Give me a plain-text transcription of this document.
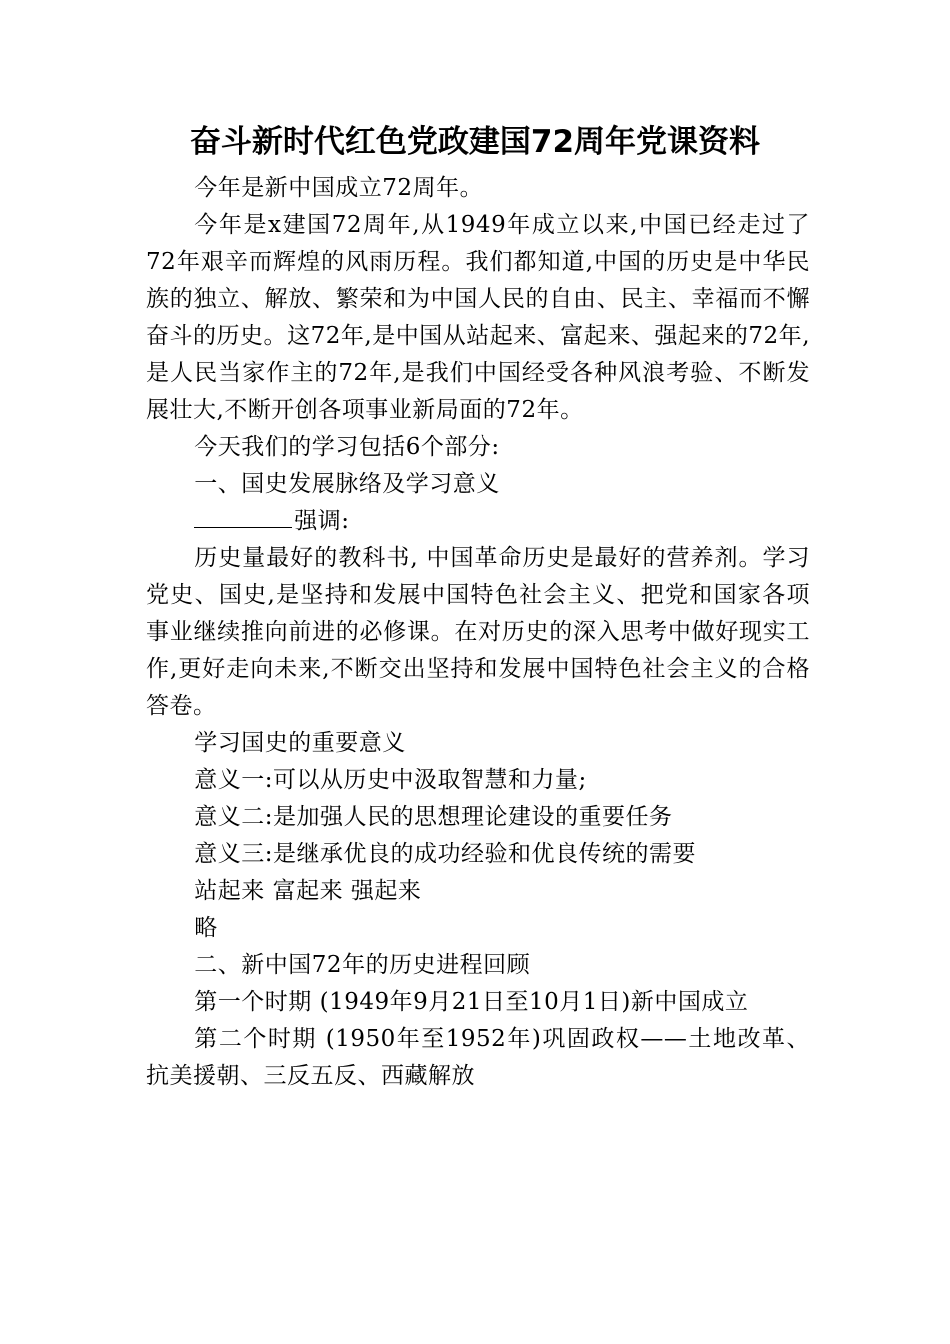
奋斗新时代红色党政建国72周年党课资料

今年是新中国成立72周年。

今年是x建国72周年,从1949年成立以来,中国已经走过了72年艰辛而辉煌的风雨历程。我们都知道,中国的历史是中华民族的独立、解放、繁荣和为中国人民的自由、民主、幸福而不懈奋斗的历史。这72年,是中国从站起来、富起来、强起来的72年,是人民当家作主的72年,是我们中国经受各种风浪考验、不断发展壮大,不断开创各项事业新局面的72年。

今天我们的学习包括6个部分:

一、国史发展脉络及学习意义

强调:

历史量最好的教科书, 中国革命历史是最好的营养剂。学习党史、国史,是坚持和发展中国特色社会主义、把党和国家各项事业继续推向前进的必修课。在对历史的深入思考中做好现实工作,更好走向未来,不断交出坚持和发展中国特色社会主义的合格答卷。

学习国史的重要意义

意义一:可以从历史中汲取智慧和力量;

意义二:是加强人民的思想理论建设的重要任务

意义三:是继承优良的成功经验和优良传统的需要

站起来 富起来 强起来

略

二、新中国72年的历史进程回顾

第一个时期 (1949年9月21日至10月1日)新中国成立

第二个时期 (1950年至1952年)巩固政权——土地改革、抗美援朝、三反五反、西藏解放
